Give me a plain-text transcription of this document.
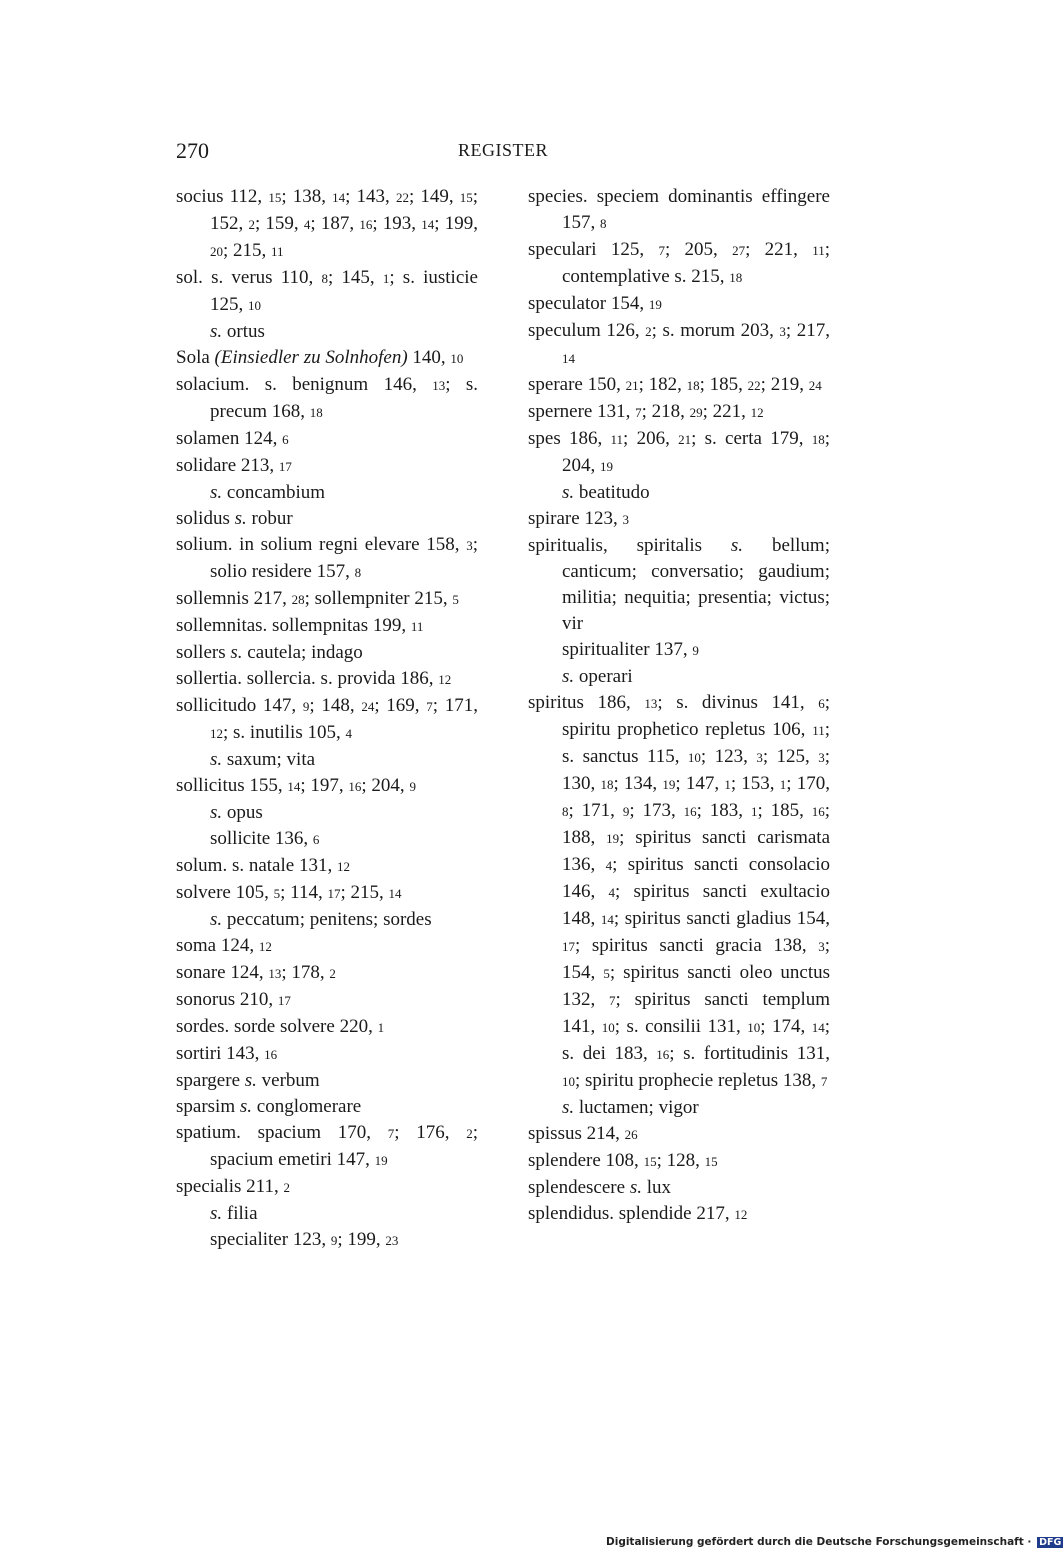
270	REGISTER

socius 112, 15; 138, 14; 143, 22; 149, 15; 152, 2; 159, 4; 187, 16; 193, 14; 199, 20; 215, 11

sol. s. verus 110, 8; 145, 1; s. iusticie 125, 10

s. ortus

Sola (Einsiedler zu Solnhofen) 140, 10

solacium. s. benignum 146, 13; s. precum 168, 18

solamen 124, 6

solidare 213, 17

s. concambium

solidus s. robur

solium. in solium regni elevare 158, 3; solio residere 157, 8

sollemnis 217, 28; sollempniter 215, 5

sollemnitas. sollempnitas 199, 11

sollers s. cautela; indago

sollertia. sollercia. s. provida 186, 12

sollicitudo 147, 9; 148, 24; 169, 7; 171, 12; s. inutilis 105, 4

s. saxum; vita

sollicitus 155, 14; 197, 16; 204, 9

s. opus

sollicite 136, 6

solum. s. natale 131, 12

solvere 105, 5; 114, 17; 215, 14

s. peccatum; penitens; sordes

soma 124, 12

sonare 124, 13; 178, 2

sonorus 210, 17

sordes. sorde solvere 220, 1

sortiri 143, 16

spargere s. verbum

sparsim s. conglomerare

spatium. spacium 170, 7; 176, 2; spacium emetiri 147, 19

specialis 211, 2

s. filia

specialiter 123, 9; 199, 23

species. speciem dominantis effingere 157, 8

speculari 125, 7; 205, 27; 221, 11; contemplative s. 215, 18

speculator 154, 19

speculum 126, 2; s. morum 203, 3; 217, 14

sperare 150, 21; 182, 18; 185, 22; 219, 24

spernere 131, 7; 218, 29; 221, 12

spes 186, 11; 206, 21; s. certa 179, 18; 204, 19

s. beatitudo

spirare 123, 3

spiritualis, spiritalis s. bellum; canticum; conversatio; gaudium; militia; nequitia; presentia; victus; vir

spiritualiter 137, 9

s. operari

spiritus 186, 13; s. divinus 141, 6; spiritu prophetico repletus 106, 11; s. sanctus 115, 10; 123, 3; 125, 3; 130, 18; 134, 19; 147, 1; 153, 1; 170, 8; 171, 9; 173, 16; 183, 1; 185, 16; 188, 19; spiritus sancti carismata 136, 4; spiritus sancti consolacio 146, 4; spiritus sancti exultacio 148, 14; spiritus sancti gladius 154, 17; spiritus sancti gracia 138, 3; 154, 5; spiritus sancti oleo unctus 132, 7; spiritus sancti templum 141, 10; s. consilii 131, 10; 174, 14; s. dei 183, 16; s. fortitudinis 131, 10; spiritu prophecie repletus 138, 7

s. luctamen; vigor

spissus 214, 26

splendere 108, 15; 128, 15

splendescere s. lux

splendidus. splendide 217, 12

Digitalisierung gefördert durch die Deutsche Forschungsgemeinschaft · DFG
